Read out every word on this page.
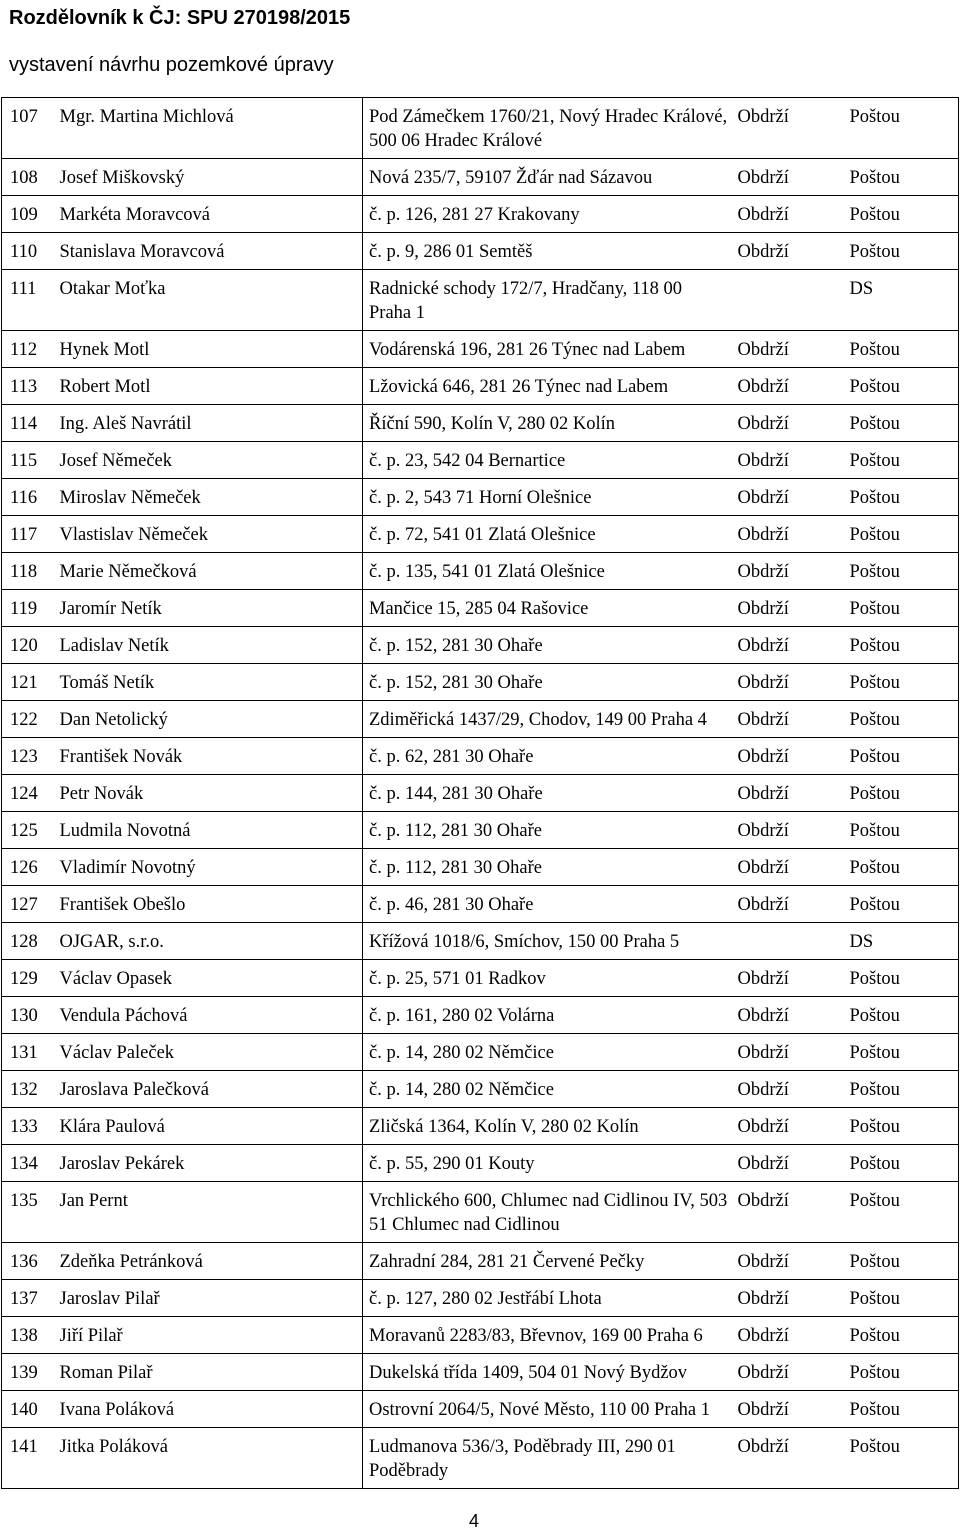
Rozdělovník k ČJ: SPU 270198/2015

vystavení návrhu pozemkové úpravy

107	Mgr. Martina Michlová	Pod Zámečkem 1760/21, Nový Hradec Králové, 500 06 Hradec Králové	Obdrží	Poštou
108	Josef Miškovský	Nová 235/7, 59107 Žďár nad Sázavou	Obdrží	Poštou
109	Markéta Moravcová	č. p. 126, 281 27 Krakovany	Obdrží	Poštou
110	Stanislava Moravcová	č. p. 9, 286 01 Semtěš	Obdrží	Poštou
111	Otakar Moťka	Radnické schody 172/7, Hradčany, 118 00 Praha 1		DS
112	Hynek Motl	Vodárenská 196, 281 26 Týnec nad Labem	Obdrží	Poštou
113	Robert Motl	Lžovická 646, 281 26 Týnec nad Labem	Obdrží	Poštou
114	Ing. Aleš Navrátil	Říční 590, Kolín V, 280 02 Kolín	Obdrží	Poštou
115	Josef Němeček	č. p. 23, 542 04 Bernartice	Obdrží	Poštou
116	Miroslav Němeček	č. p. 2, 543 71 Horní Olešnice	Obdrží	Poštou
117	Vlastislav Němeček	č. p. 72, 541 01 Zlatá Olešnice	Obdrží	Poštou
118	Marie Němečková	č. p. 135, 541 01 Zlatá Olešnice	Obdrží	Poštou
119	Jaromír Netík	Mančice 15, 285 04 Rašovice	Obdrží	Poštou
120	Ladislav Netík	č. p. 152, 281 30 Ohaře	Obdrží	Poštou
121	Tomáš Netík	č. p. 152, 281 30 Ohaře	Obdrží	Poštou
122	Dan Netolický	Zdiměřická 1437/29, Chodov, 149 00 Praha 4	Obdrží	Poštou
123	František Novák	č. p. 62, 281 30 Ohaře	Obdrží	Poštou
124	Petr Novák	č. p. 144, 281 30 Ohaře	Obdrží	Poštou
125	Ludmila Novotná	č. p. 112, 281 30 Ohaře	Obdrží	Poštou
126	Vladimír Novotný	č. p. 112, 281 30 Ohaře	Obdrží	Poštou
127	František Obešlo	č. p. 46, 281 30 Ohaře	Obdrží	Poštou
128	OJGAR, s.r.o.	Křížová 1018/6, Smíchov, 150 00 Praha 5		DS
129	Václav Opasek	č. p. 25, 571 01 Radkov	Obdrží	Poštou
130	Vendula Páchová	č. p. 161, 280 02 Volárna	Obdrží	Poštou
131	Václav Paleček	č. p. 14, 280 02 Němčice	Obdrží	Poštou
132	Jaroslava Palečková	č. p. 14, 280 02 Němčice	Obdrží	Poštou
133	Klára Paulová	Zličská 1364, Kolín V, 280 02 Kolín	Obdrží	Poštou
134	Jaroslav Pekárek	č. p. 55, 290 01 Kouty	Obdrží	Poštou
135	Jan Pernt	Vrchlického 600, Chlumec nad Cidlinou IV, 503 51 Chlumec nad Cidlinou	Obdrží	Poštou
136	Zdeňka Petránková	Zahradní 284, 281 21 Červené Pečky	Obdrží	Poštou
137	Jaroslav Pilař	č. p. 127, 280 02 Jestřábí Lhota	Obdrží	Poštou
138	Jiří Pilař	Moravanů 2283/83, Břevnov, 169 00 Praha 6	Obdrží	Poštou
139	Roman Pilař	Dukelská třída 1409, 504 01 Nový Bydžov	Obdrží	Poštou
140	Ivana Poláková	Ostrovní 2064/5, Nové Město, 110 00 Praha 1	Obdrží	Poštou
141	Jitka Poláková	Ludmanova 536/3, Poděbrady III, 290 01 Poděbrady	Obdrží	Poštou
4
